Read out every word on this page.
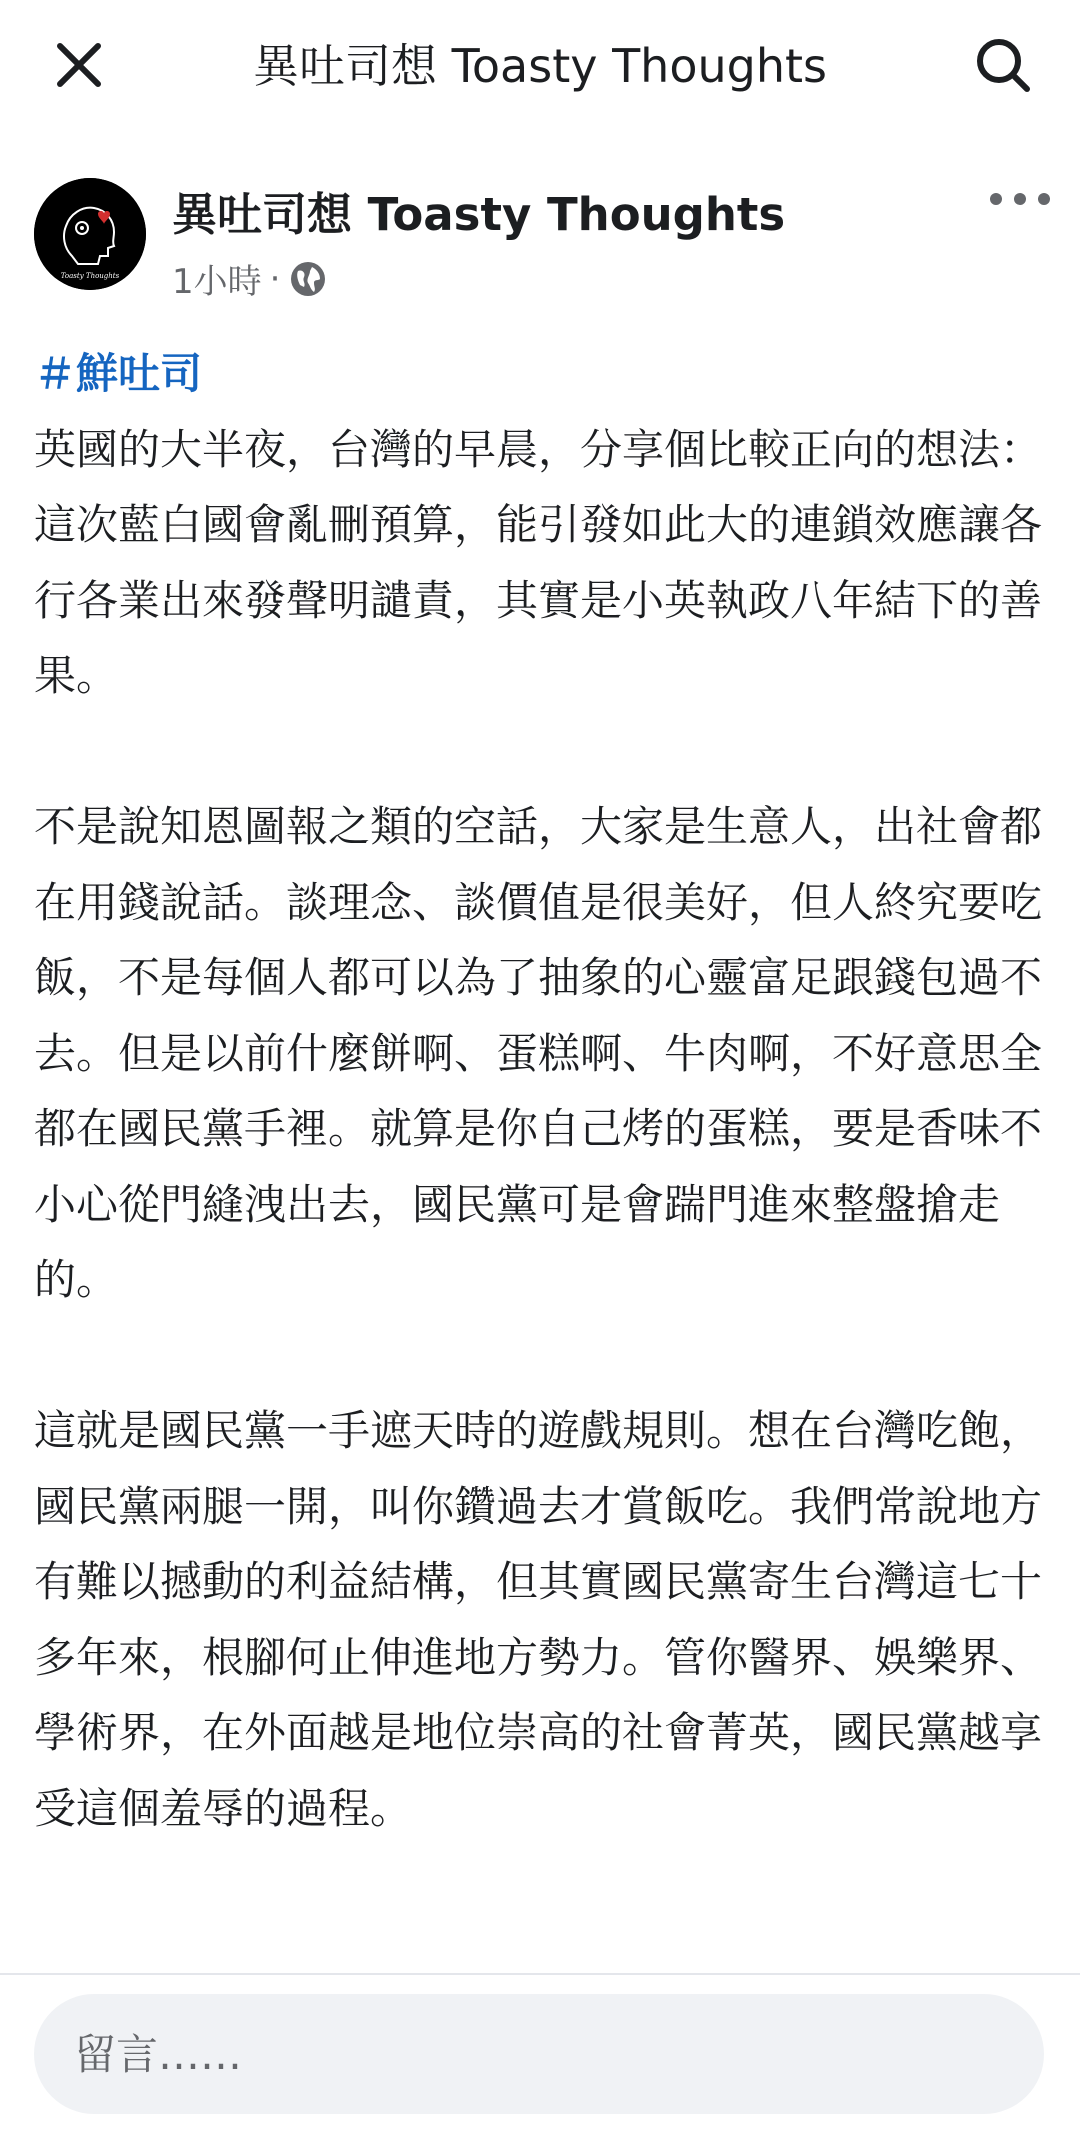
異吐司想 Toasty Thoughts
Toasty Thoughts
異吐司想 Toasty Thoughts
1小時 ·

＃鮮吐司

英國的大半夜，台灣的早晨，分享個比較正向的想法：這次藍白國會亂刪預算，能引發如此大的連鎖效應讓各行各業出來發聲明譴責，其實是小英執政八年結下的善果。

不是說知恩圖報之類的空話，大家是生意人，出社會都在用錢說話。談理念、談價值是很美好，但人終究要吃飯，不是每個人都可以為了抽象的心靈富足跟錢包過不去。但是以前什麼餅啊、蛋糕啊、牛肉啊，不好意思全都在國民黨手裡。就算是你自己烤的蛋糕，要是香味不小心從門縫洩出去，國民黨可是會踹門進來整盤搶走的。

這就是國民黨一手遮天時的遊戲規則。想在台灣吃飽，國民黨兩腿一開，叫你鑽過去才賞飯吃。我們常說地方有難以撼動的利益結構，但其實國民黨寄生台灣這七十多年來，根腳何止伸進地方勢力。管你醫界、娛樂界、學術界，在外面越是地位崇高的社會菁英，國民黨越享受這個羞辱的過程。

留言……
